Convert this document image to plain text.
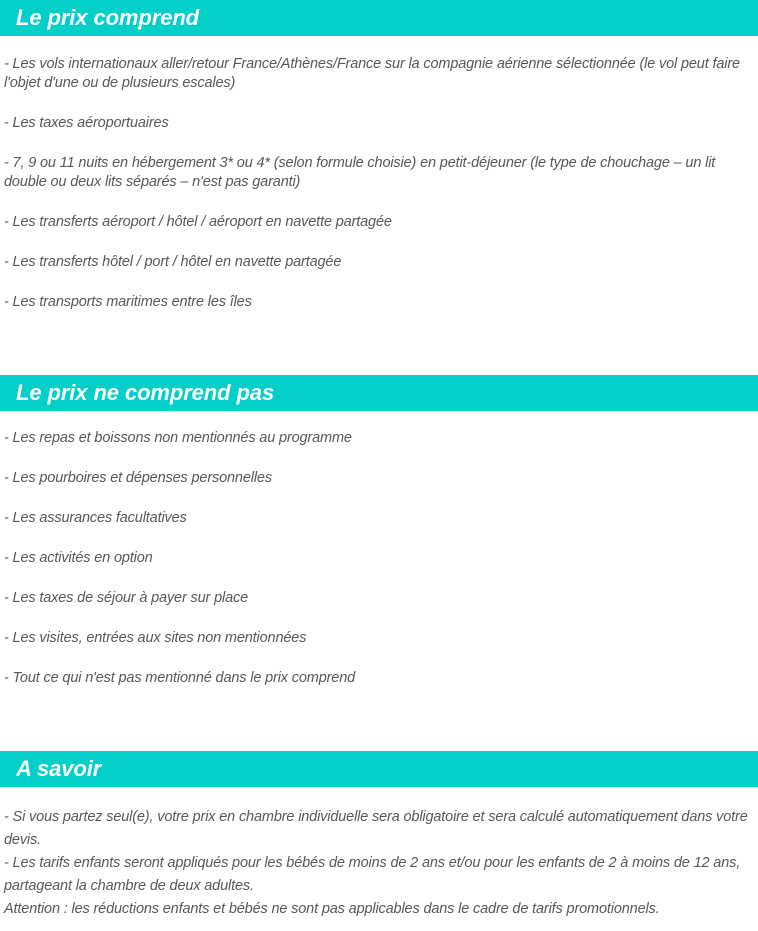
Le prix comprend

- Les vols internationaux aller/retour France/Athènes/France sur la compagnie aérienne sélectionnée (le vol peut faire l'objet d'une ou de plusieurs escales)

- Les taxes aéroportuaires

- 7, 9 ou 11 nuits en hébergement 3* ou 4* (selon formule choisie) en petit-déjeuner (le type de chouchage – un lit double ou deux lits séparés – n'est pas garanti)

- Les transferts aéroport / hôtel / aéroport en navette partagée

- Les transferts hôtel / port / hôtel en navette partagée

- Les transports maritimes entre les îles

Le prix ne comprend pas

- Les repas et boissons non mentionnés au programme

- Les pourboires et dépenses personnelles

- Les assurances facultatives

- Les activités en option

- Les taxes de séjour à payer sur place

- Les visites, entrées aux sites non mentionnées

- Tout ce qui n'est pas mentionné dans le prix comprend

A savoir

- Si vous partez seul(e), votre prix en chambre individuelle sera obligatoire et sera calculé automatiquement dans votre devis.

- Les tarifs enfants seront appliqués pour les bébés de moins de 2 ans et/ou pour les enfants de 2 à moins de 12 ans, partageant la chambre de deux adultes.

Attention : les réductions enfants et bébés ne sont pas applicables dans le cadre de tarifs promotionnels.
